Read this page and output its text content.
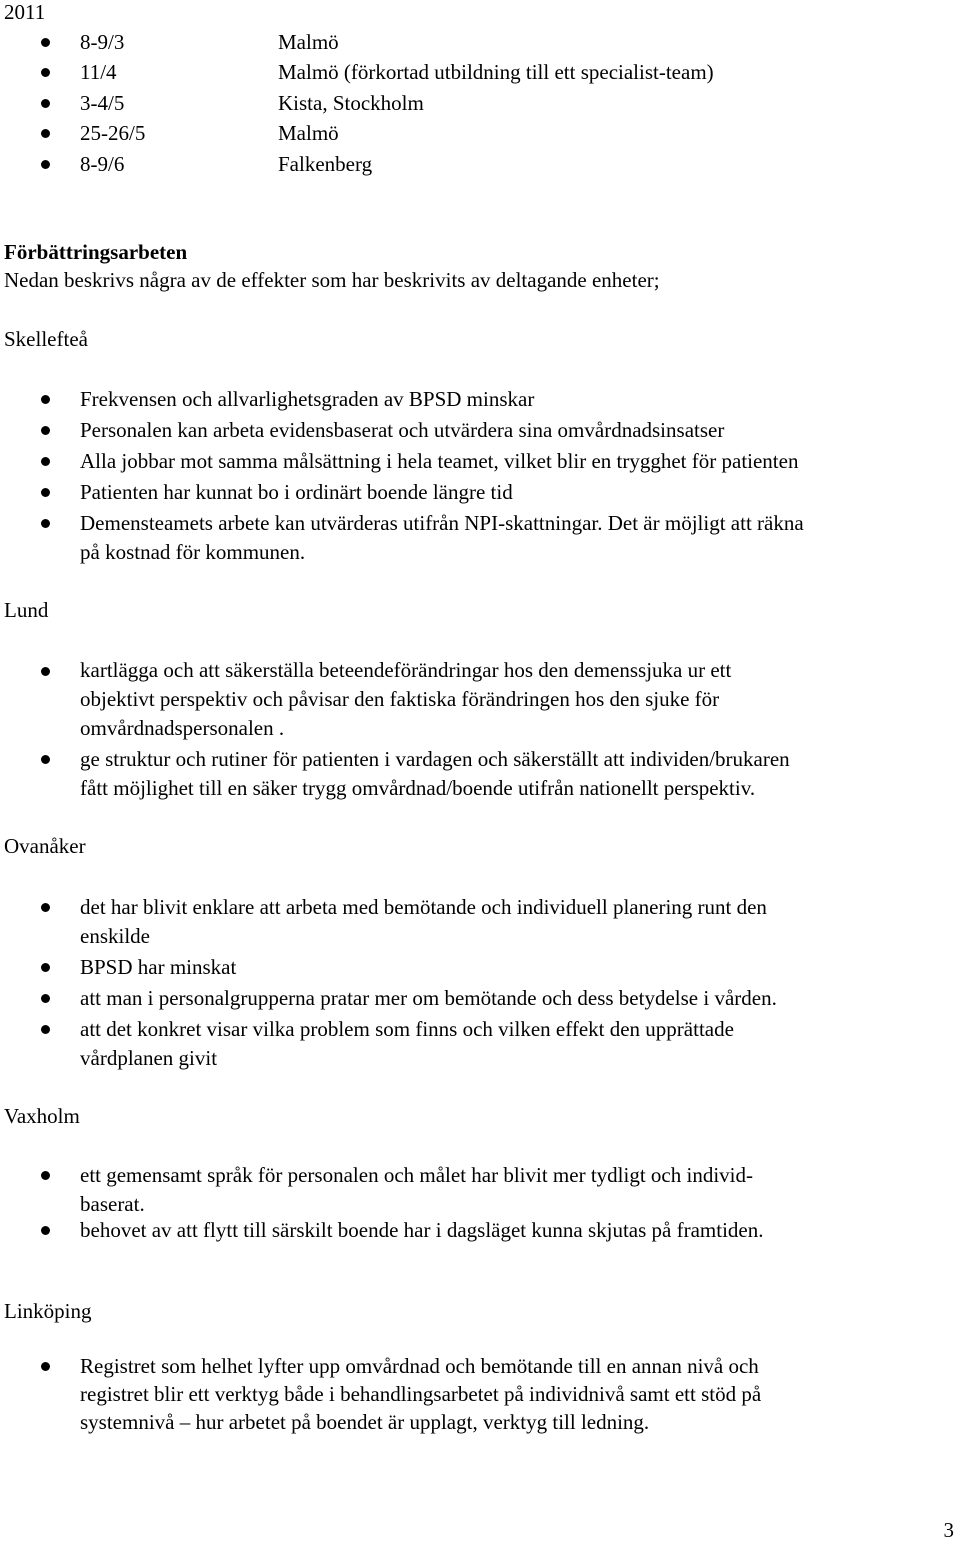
2011
8-9/3	Malmö
11/4	Malmö (förkortad utbildning till ett specialist-team)
3-4/5	Kista, Stockholm
25-26/5	Malmö
8-9/6	Falkenberg
Förbättringsarbeten
Nedan beskrivs några av de effekter som har beskrivits av deltagande enheter;
Skellefteå
Frekvensen och allvarlighetsgraden av BPSD minskar
Personalen kan arbeta evidensbaserat och utvärdera sina omvårdnadsinsatser
Alla jobbar mot samma målsättning i hela teamet, vilket blir en trygghet för patienten
Patienten har kunnat bo i ordinärt boende längre tid
Demensteamets arbete kan utvärderas utifrån NPI-skattningar. Det är möjligt att räkna
på kostnad för kommunen.
Lund
kartlägga och att säkerställa beteendeförändringar hos den demenssjuka ur ett
objektivt perspektiv och påvisar den faktiska förändringen hos den sjuke för
omvårdnadspersonalen .
ge struktur och rutiner för patienten i vardagen och säkerställt att individen/brukaren
fått möjlighet till en säker trygg omvårdnad/boende utifrån nationellt perspektiv.
Ovanåker
det har blivit enklare att arbeta med bemötande och individuell planering runt den
enskilde
BPSD har minskat
att man i personalgrupperna pratar mer om bemötande och dess betydelse i vården.
att det konkret visar vilka problem som finns och vilken effekt den upprättade
vårdplanen givit
Vaxholm
ett gemensamt språk för personalen och målet har blivit mer tydligt och individ-
baserat.
behovet av att flytt till särskilt boende har i dagsläget kunna skjutas på framtiden.
Linköping
Registret som helhet lyfter upp omvårdnad och bemötande till en annan nivå och
registret blir ett verktyg både i behandlingsarbetet på individnivå samt ett stöd på
systemnivå – hur arbetet på boendet är upplagt, verktyg till ledning.
3
